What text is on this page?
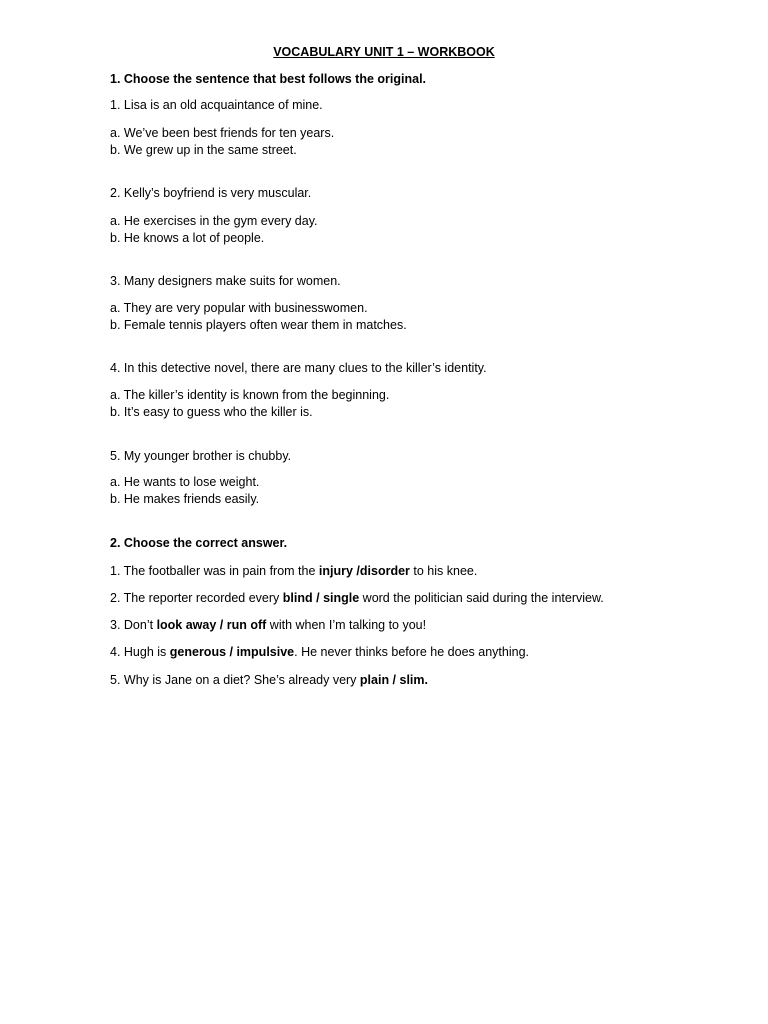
VOCABULARY UNIT 1 – WORKBOOK
1. Choose the sentence that best follows the original.
1. Lisa is an old acquaintance of mine.
a. We’ve been best friends for ten years.
b. We grew up in the same street.
2. Kelly’s boyfriend is very muscular.
a. He exercises in the gym every day.
b. He knows a lot of people.
3. Many designers make suits for women.
a. They are very popular with businesswomen.
b. Female tennis players often wear them in matches.
4. In this detective novel, there are many clues to the killer’s identity.
a. The killer’s identity is known from the beginning.
b. It’s easy to guess who the killer is.
5. My younger brother is chubby.
a. He wants to lose weight.
b. He makes friends easily.
2. Choose the correct answer.
1. The footballer was in pain from the injury /disorder to his knee.
2. The reporter recorded every blind / single word the politician said during the interview.
3. Don’t look away / run off with when I’m talking to you!
4. Hugh is generous / impulsive. He never thinks before he does anything.
5. Why is Jane on a diet? She’s already very plain / slim.
